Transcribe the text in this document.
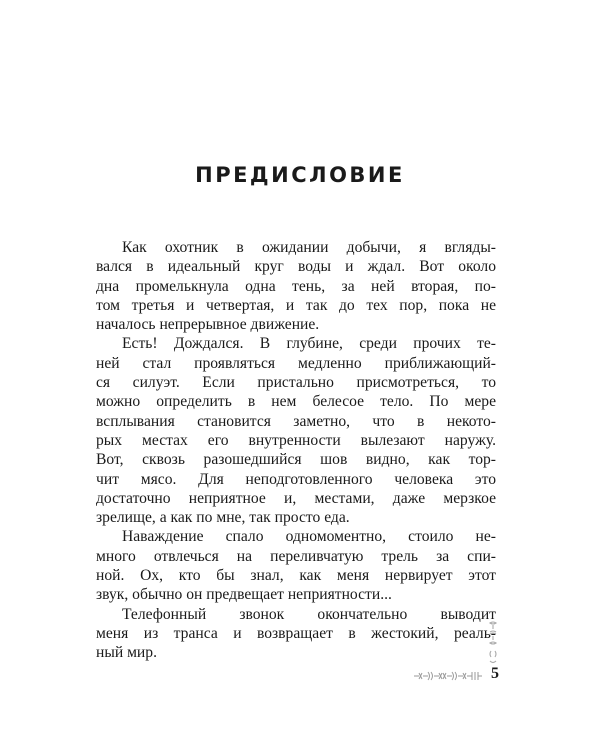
ПРЕДИСЛОВИЕ
Как охотник в ожидании добычи, я вгляды-
вался в идеальный круг воды и ждал. Вот около
дна промелькнула одна тень, за ней вторая, по-
том третья и четвертая, и так до тех пор, пока не
началось непрерывное движение.
Есть! Дождался. В глубине, среди прочих те-
ней стал проявляться медленно приближающий-
ся силуэт. Если пристально присмотреться, то
можно определить в нем белесое тело. По мере
всплывания становится заметно, что в некото-
рых местах его внутренности вылезают наружу.
Вот, сквозь разошедшийся шов видно, как тор-
чит мясо. Для неподготовленного человека это
достаточно неприятное и, местами, даже мерзкое
зрелище, а как по мне, так просто еда.
Наваждение спало одномоментно, стоило не-
много отвлечься на переливчатую трель за спи-
ной. Ох, кто бы знал, как меня нервирует этот
звук, обычно он предвещает неприятности...
Телефонный звонок окончательно выводит
меня из транса и возвращает в жестокий, реаль-
ный мир.
5
